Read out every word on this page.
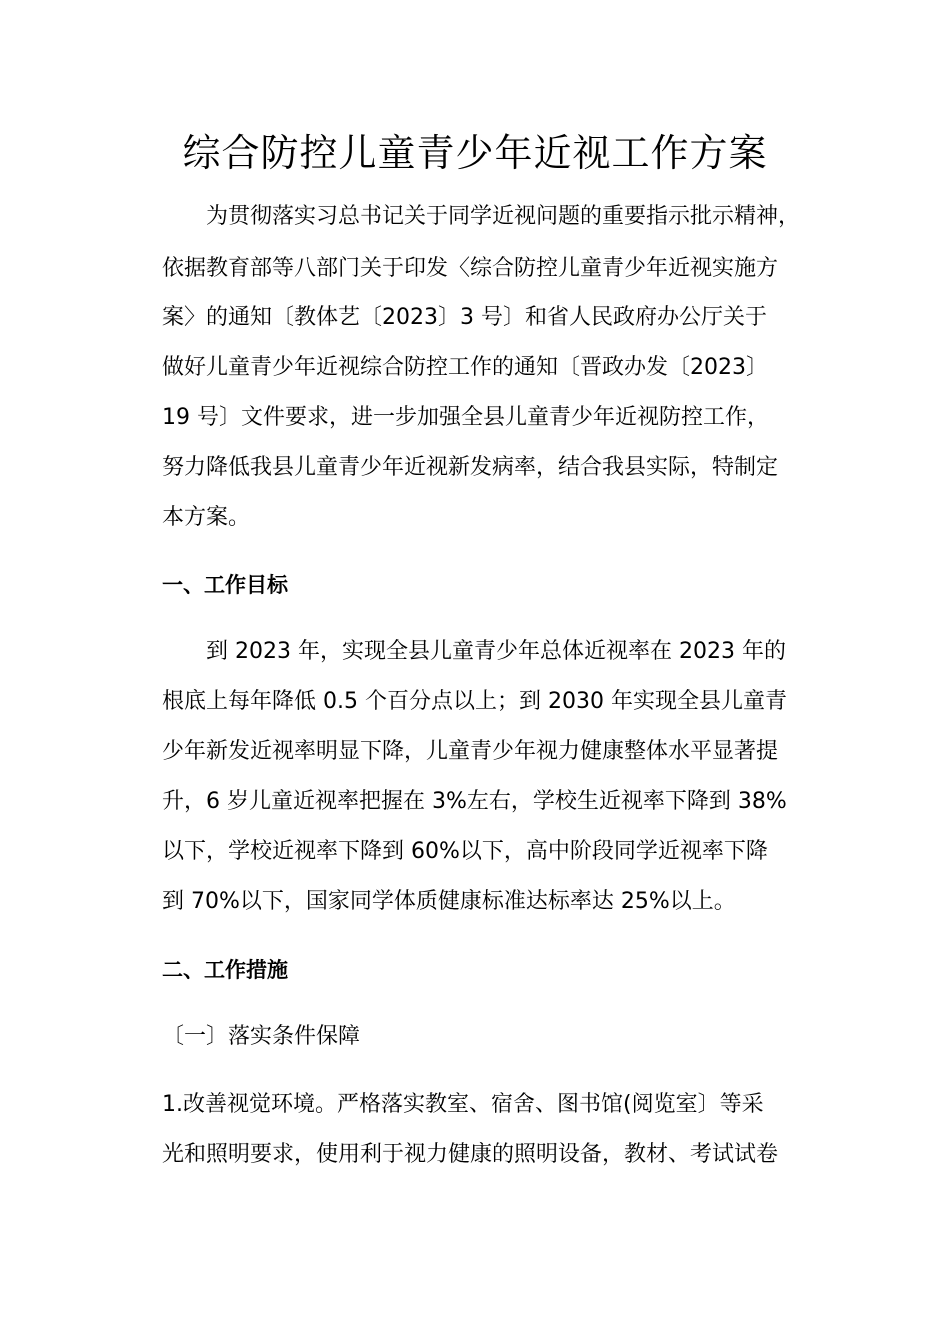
综合防控儿童青少年近视工作方案
为贯彻落实习总书记关于同学近视问题的重要指示批示精神，
依据教育部等八部门关于印发〈综合防控儿童青少年近视实施方
案〉的通知〔教体艺〔2023〕3 号〕和省人民政府办公厅关于
做好儿童青少年近视综合防控工作的通知〔晋政办发〔2023〕
19 号〕文件要求，进一步加强全县儿童青少年近视防控工作，
努力降低我县儿童青少年近视新发病率，结合我县实际，特制定
本方案。
一、工作目标
到 2023 年，实现全县儿童青少年总体近视率在 2023 年的
根底上每年降低 0.5 个百分点以上；到 2030 年实现全县儿童青
少年新发近视率明显下降，儿童青少年视力健康整体水平显著提
升，6 岁儿童近视率把握在 3%左右，学校生近视率下降到 38%
以下，学校近视率下降到 60%以下，高中阶段同学近视率下降
到 70%以下，国家同学体质健康标准达标率达 25%以上。
二、工作措施
〔一〕落实条件保障
1.改善视觉环境。严格落实教室、宿舍、图书馆(阅览室〕等采
光和照明要求，使用利于视力健康的照明设备，教材、考试试卷
